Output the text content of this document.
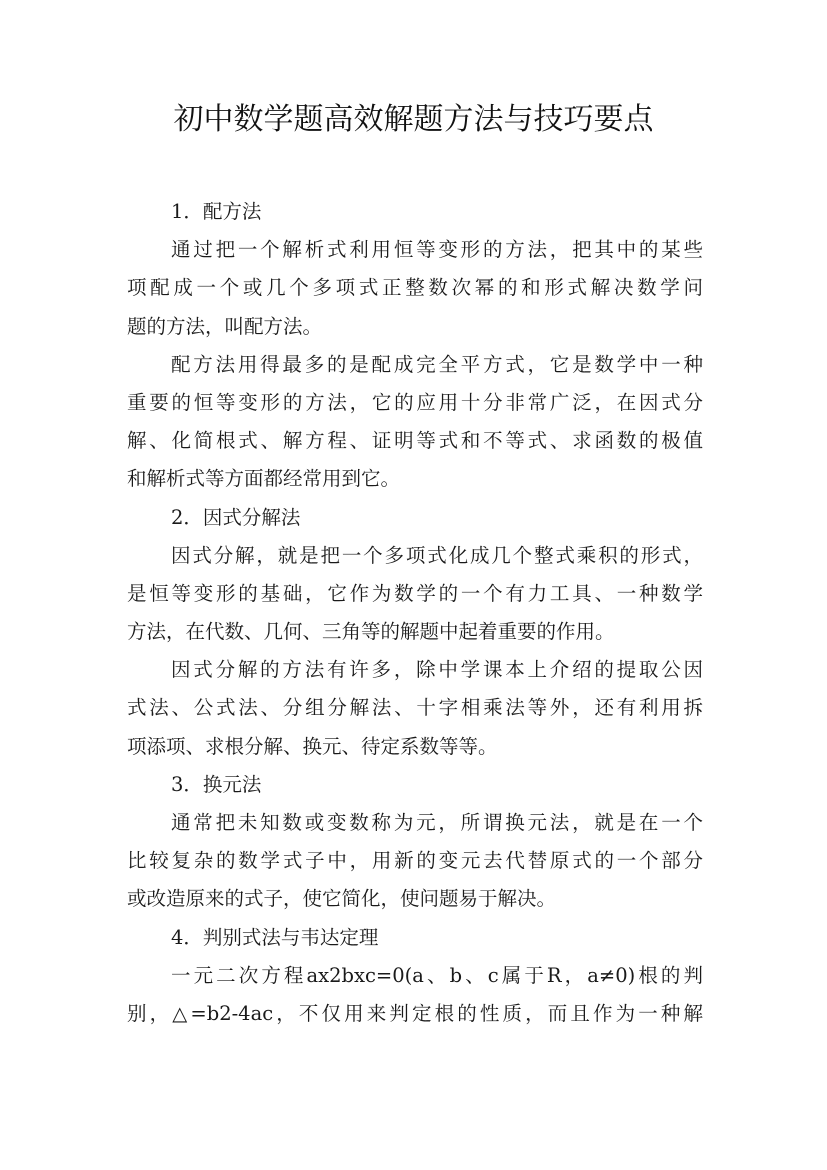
初中数学题高效解题方法与技巧要点
1．配方法
通过把一个解析式利用恒等变形的方法，把其中的某些
项配成一个或几个多项式正整数次幂的和形式解决数学问
题的方法，叫配方法。
配方法用得最多的是配成完全平方式，它是数学中一种
重要的恒等变形的方法，它的应用十分非常广泛，在因式分
解、化简根式、解方程、证明等式和不等式、求函数的极值
和解析式等方面都经常用到它。
2．因式分解法
因式分解，就是把一个多项式化成几个整式乘积的形式，
是恒等变形的基础，它作为数学的一个有力工具、一种数学
方法，在代数、几何、三角等的解题中起着重要的作用。
因式分解的方法有许多，除中学课本上介绍的提取公因
式法、公式法、分组分解法、十字相乘法等外，还有利用拆
项添项、求根分解、换元、待定系数等等。
3．换元法
通常把未知数或变数称为元，所谓换元法，就是在一个
比较复杂的数学式子中，用新的变元去代替原式的一个部分
或改造原来的式子，使它简化，使问题易于解决。
4．判别式法与韦达定理
一元二次方程ax2bxc=0(a、b、c属于R，a≠0)根的判
别，△=b2-4ac，不仅用来判定根的性质，而且作为一种解
